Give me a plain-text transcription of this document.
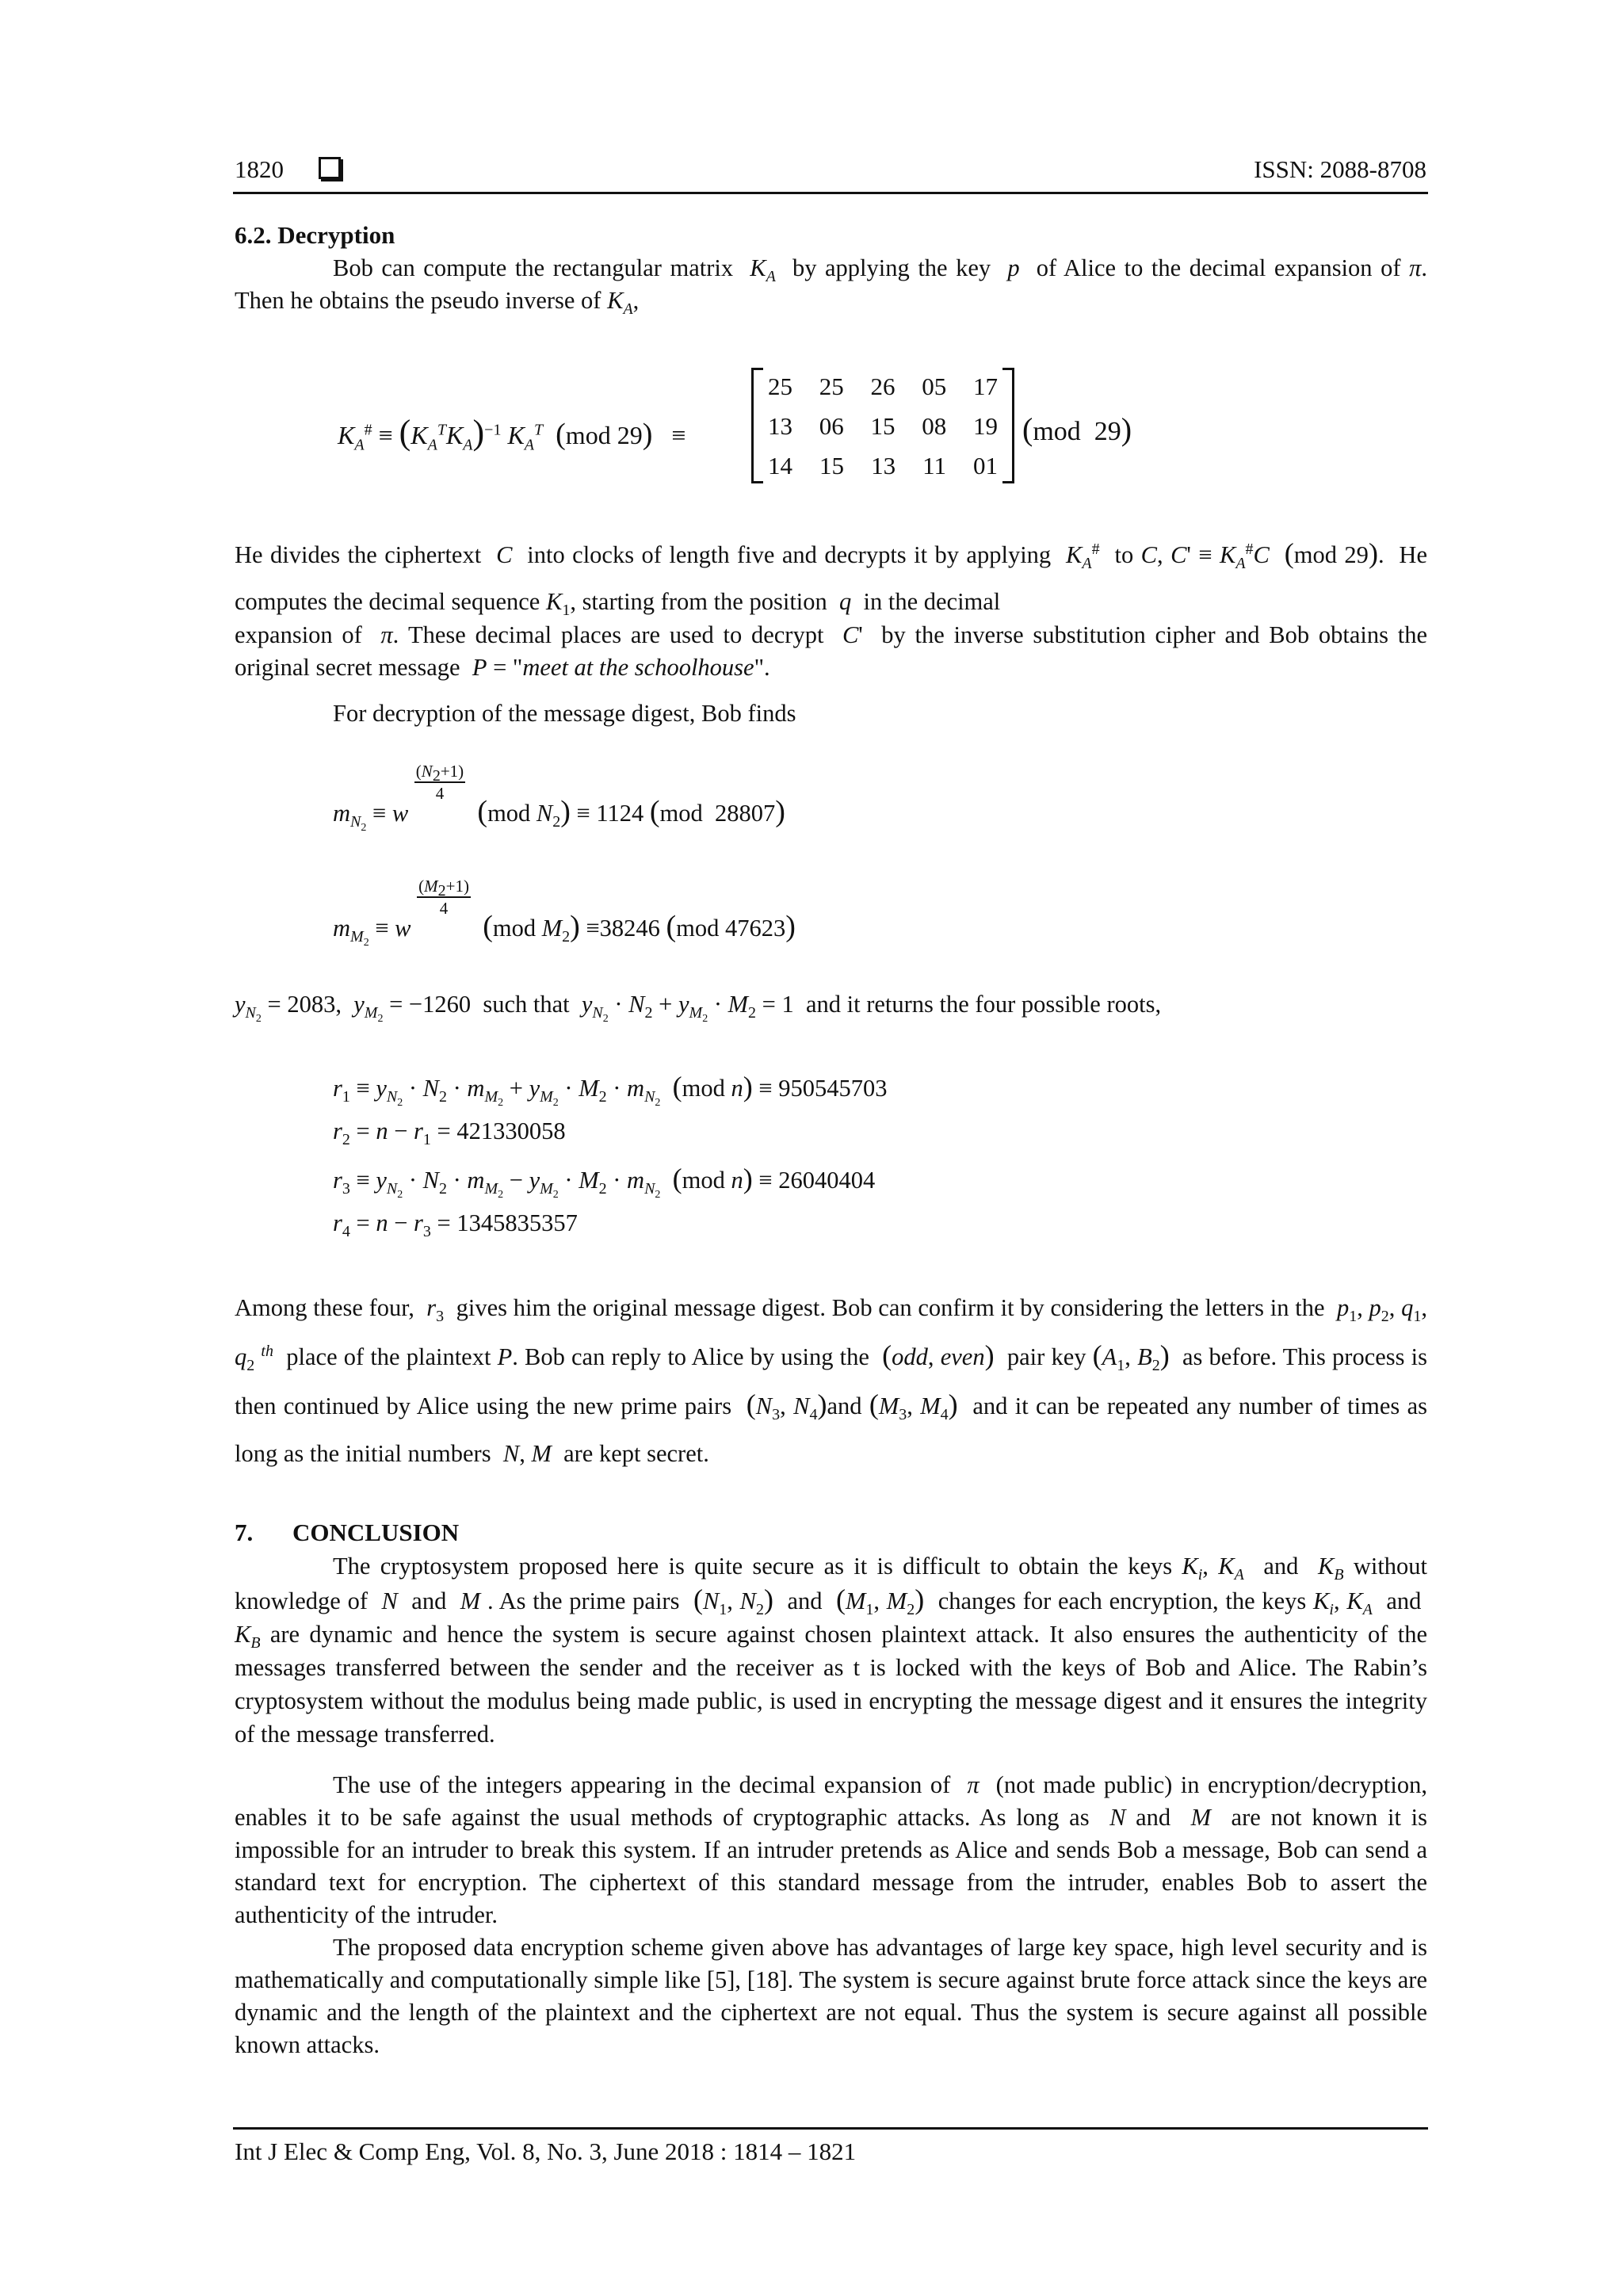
1820	ISSN: 2088-8708
6.2. Decryption
Bob can compute the rectangular matrix  $K_A$  by applying the key  p  of Alice to the decimal expansion of π. Then he obtains the pseudo inverse of $K_A$,
$K_A^{\#} \equiv (K_A^TK_A)^{-1}$ $K_A^T$ (mod 29)   ≡
25 25 26 05 17
13 06 15 08 19
14 15 13 11 01
(mod  29)
He divides the ciphertext  C  into clocks of length five and decrypts it by applying  $K_A^{\#}$  to C, $C' \equiv K_A^{\#}C$ (mod 29).  He computes the decimal sequence $K_1$, starting from the position  q  in the decimal
expansion of  π. These decimal places are used to decrypt  C'  by the inverse substitution cipher and Bob obtains the original secret message  P = "meet at the schoolhouse".
For decryption of the message digest, Bob finds
$m_{N_2} \equiv w$
$\frac{(N_2+1)}{4} (mod$ $N_2) \equiv 1124$ (mod  28807)
$m_{M_2} \equiv w$
$\frac{(M_2+1)}{4} (mod$ $M_2) \equiv 38246$ (mod 47623)
$y_{N_2} = 2083$,  $y_{M_2} = -1260$  such that  $y_{N_2} \cdot N_2 + y_{M_2} \cdot M_2 = 1$  and it returns the four possible roots,
$r_1 \equiv y_{N_2} \cdot N_2 \cdot m_{M_2} + y_{M_2} \cdot M_2 \cdot m_{N_2}$  (mod n) ≡ 950545703
$r_2 = n - r_1 = 421330058$
$r_3 \equiv y_{N_2} \cdot N_2 \cdot m_{M_2} - y_{M_2} \cdot M_2 \cdot m_{N_2}$  (mod n) ≡ 26040404
$r_4 = n - r_3 = 1345835357$
Among these four,  $r_3$  gives him the original message digest. Bob can confirm it by considering the letters in the  $p_1$, $p_2$, $q_1$, $q_2$ $^{th}$  place of the plaintext P. Bob can reply to Alice by using the  (odd, even)  pair key ($A_1$, $B_2$)  as before. This process is then continued by Alice using the new prime pairs  ($N_3$, $N_4)and$ ($M_3$, $M_4$)  and it can be repeated any number of times as long as the initial numbers  N, M  are kept secret.
7. CONCLUSION
The cryptosystem proposed here is quite secure as it is difficult to obtain the keys $K_i$, $K_A$  and  $K_B$ without knowledge of  N  and  M . As the prime pairs  ($N_1$, $N_2$)  and  ($M_1$, $M_2$)  changes for each encryption, the keys $K_i$, $K_A$  and  $K_B$ are dynamic and hence the system is secure against chosen plaintext attack. It also ensures the authenticity of the messages transferred between the sender and the receiver as t is locked with the keys of Bob and Alice. The Rabin’s cryptosystem without the modulus being made public, is used in encrypting the message digest and it ensures the integrity of the message transferred.
The use of the integers appearing in the decimal expansion of  π  (not made public) in encryption/decryption, enables it to be safe against the usual methods of cryptographic attacks. As long as  N and  M  are not known it is impossible for an intruder to break this system. If an intruder pretends as Alice and sends Bob a message, Bob can send a standard text for encryption. The ciphertext of this standard message from the intruder, enables Bob to assert the authenticity of the intruder.
The proposed data encryption scheme given above has advantages of large key space, high level security and is mathematically and computationally simple like [5], [18]. The system is secure against brute force attack since the keys are dynamic and the length of the plaintext and the ciphertext are not equal. Thus the system is secure against all possible known attacks.
Int J Elec & Comp Eng, Vol. 8, No. 3, June 2018 : 1814 – 1821
